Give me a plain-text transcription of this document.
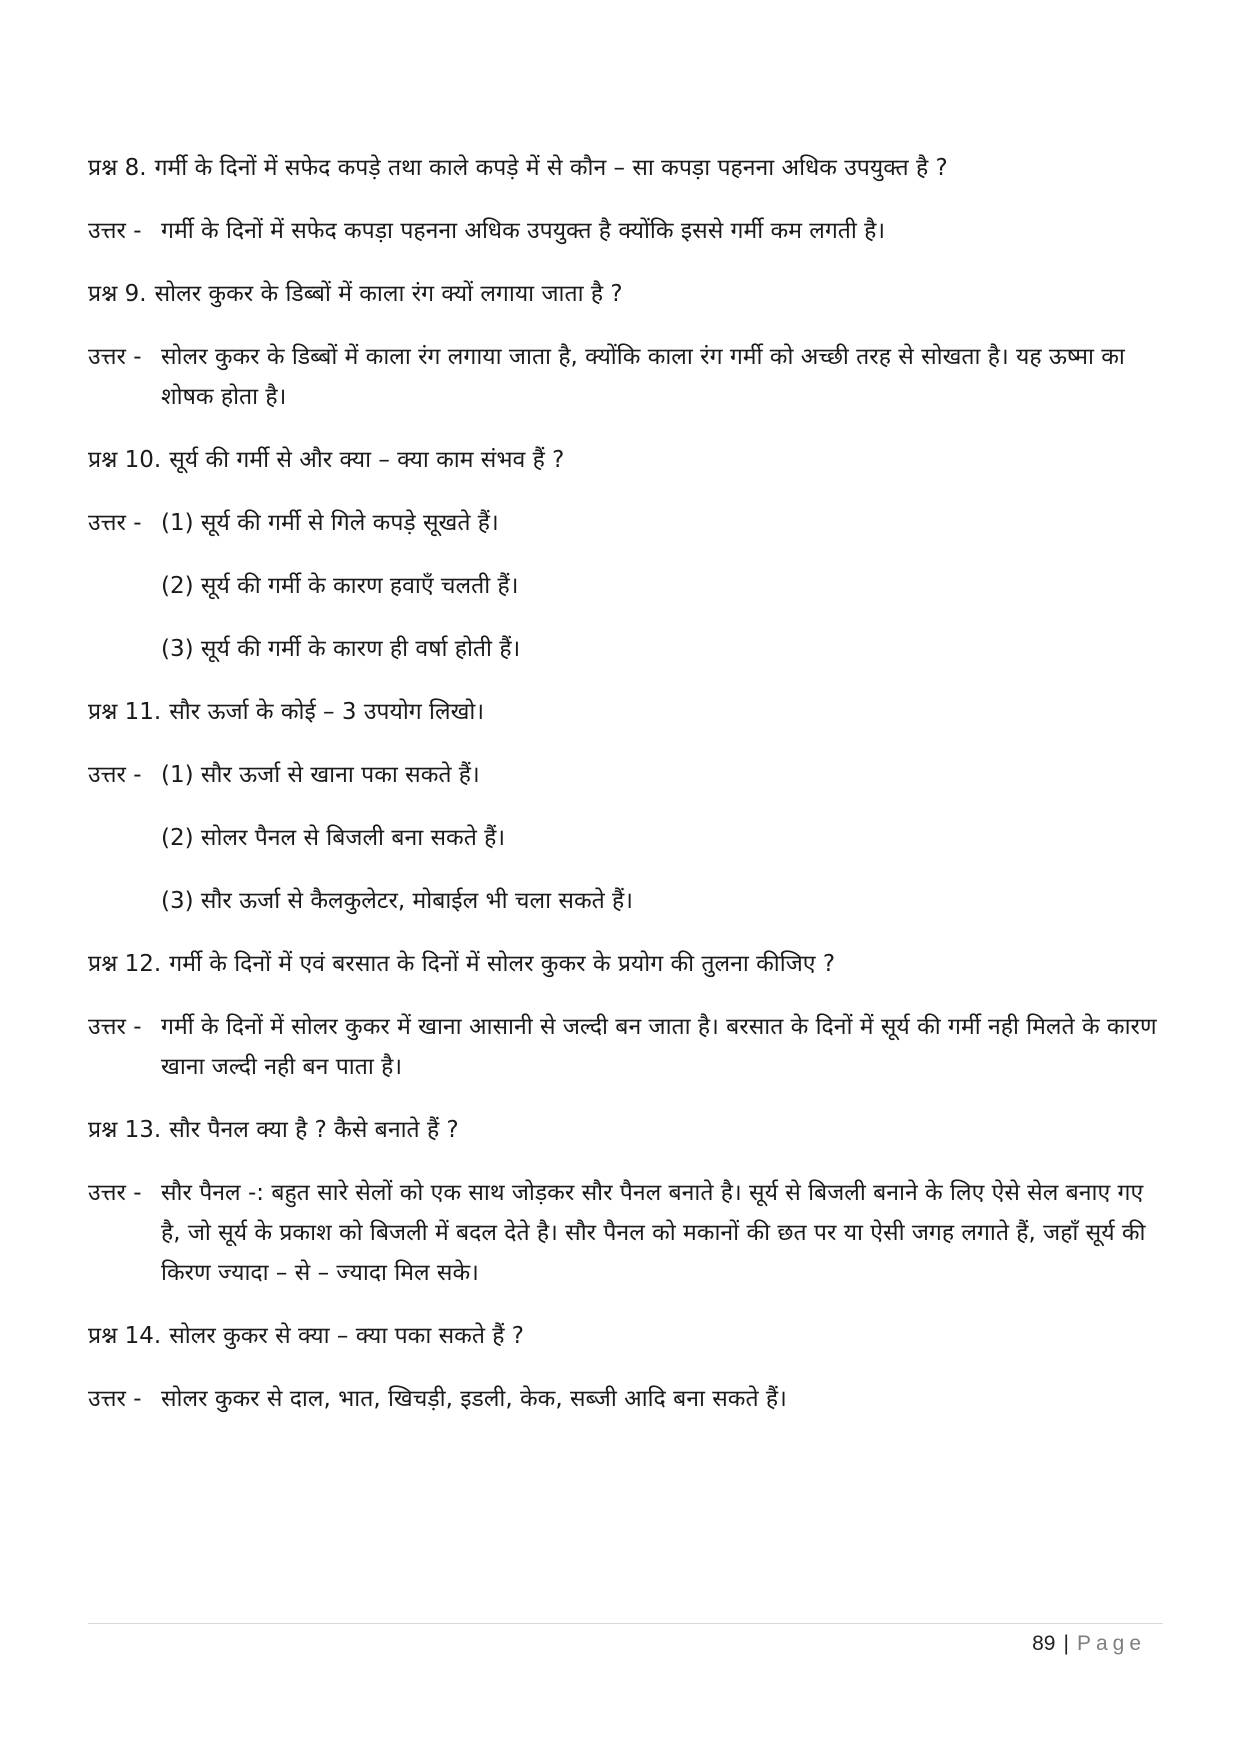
प्रश्न 8. गर्मी के दिनों में सफेद कपड़े तथा काले कपड़े में से कौन – सा कपड़ा पहनना अधिक उपयुक्त है ?
उत्तर - गर्मी के दिनों में सफेद कपड़ा पहनना अधिक उपयुक्त है क्योंकि इससे गर्मी कम लगती है।
प्रश्न 9. सोलर कुकर के डिब्बों में काला रंग क्यों लगाया जाता है ?
उत्तर - सोलर कुकर के डिब्बों में काला रंग लगाया जाता है, क्योंकि काला रंग गर्मी को अच्छी तरह से सोखता है। यह ऊष्मा का शोषक होता है।
प्रश्न 10. सूर्य की गर्मी से और क्या – क्या काम संभव हैं ?
उत्तर - (1) सूर्य की गर्मी से गिले कपड़े सूखते हैं।
(2) सूर्य की गर्मी के कारण हवाएँ चलती हैं।
(3) सूर्य की गर्मी के कारण ही वर्षा होती हैं।
प्रश्न 11. सौर ऊर्जा के कोई – 3 उपयोग लिखो।
उत्तर - (1) सौर ऊर्जा से खाना पका सकते हैं।
(2) सोलर पैनल से बिजली बना सकते हैं।
(3) सौर ऊर्जा से कैलकुलेटर, मोबाईल भी चला सकते हैं।
प्रश्न 12. गर्मी के दिनों में एवं बरसात के दिनों में सोलर कुकर के प्रयोग की तुलना कीजिए ?
उत्तर - गर्मी के दिनों में सोलर कुकर में खाना आसानी से जल्दी बन जाता है। बरसात के दिनों में सूर्य की गर्मी नही मिलते के कारण खाना जल्दी नही बन पाता है।
प्रश्न 13. सौर पैनल क्या है ? कैसे बनाते हैं ?
उत्तर - सौर पैनल -: बहुत सारे सेलों को एक साथ जोड़कर सौर पैनल बनाते है। सूर्य से बिजली बनाने के लिए ऐसे सेल बनाए गए है, जो सूर्य के प्रकाश को बिजली में बदल देते है। सौर पैनल को मकानों की छत पर या ऐसी जगह लगाते हैं, जहाँ सूर्य की किरण ज्यादा – से – ज्यादा मिल सके।
प्रश्न 14. सोलर कुकर से क्या – क्या पका सकते हैं ?
उत्तर - सोलर कुकर से दाल, भात, खिचड़ी, इडली, केक, सब्जी आदि बना सकते हैं।
89 | Page
